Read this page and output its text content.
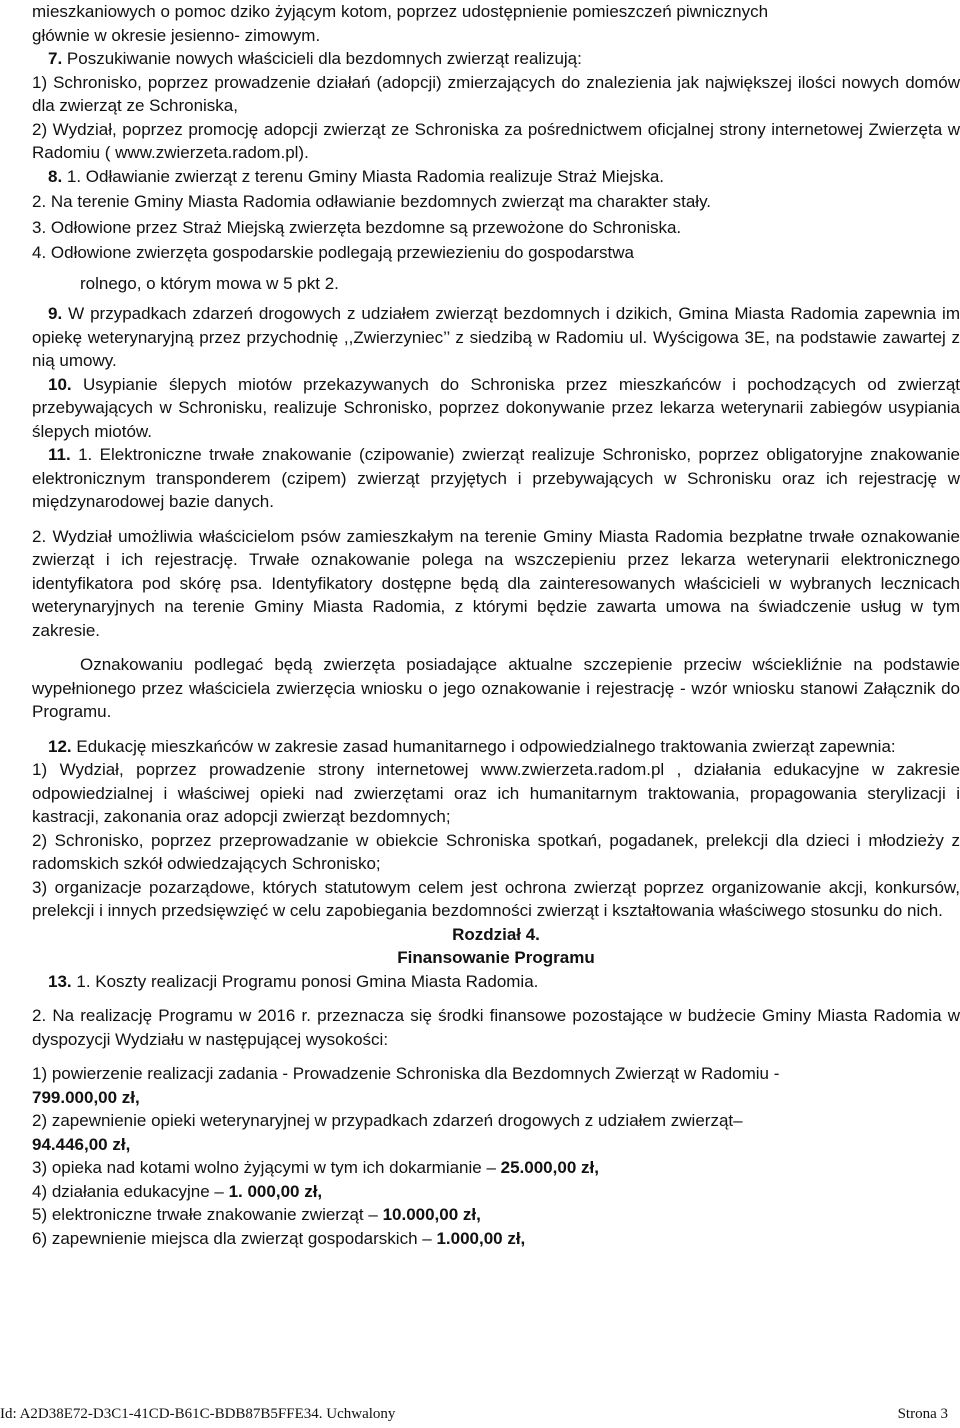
mieszkaniowych o pomoc dziko żyjącym kotom, poprzez udostępnienie pomieszczeń piwnicznych
głównie w okresie jesienno- zimowym.

7. Poszukiwanie nowych właścicieli dla bezdomnych zwierząt realizują:

1) Schronisko, poprzez prowadzenie działań (adopcji) zmierzających do znalezienia jak największej ilości nowych domów dla zwierząt ze Schroniska,

2) Wydział, poprzez promocję adopcji zwierząt ze Schroniska za pośrednictwem oficjalnej strony internetowej Zwierzęta w Radomiu ( www.zwierzeta.radom.pl).

8. 1. Odławianie zwierząt z terenu Gminy Miasta Radomia realizuje Straż Miejska.

2. Na terenie Gminy Miasta Radomia odławianie bezdomnych zwierząt ma charakter stały.

3. Odłowione przez Straż Miejską zwierzęta bezdomne są przewożone do Schroniska.

4. Odłowione zwierzęta gospodarskie podlegają przewiezieniu do gospodarstwa

rolnego, o którym mowa w 5 pkt 2.

9. W przypadkach zdarzeń drogowych z udziałem zwierząt bezdomnych i dzikich, Gmina Miasta Radomia zapewnia im opiekę weterynaryjną przez przychodnię ,,Zwierzyniec’’ z siedzibą w Radomiu ul. Wyścigowa 3E, na podstawie zawartej z nią umowy.

10. Usypianie ślepych miotów przekazywanych do Schroniska przez mieszkańców i pochodzących od zwierząt przebywających w Schronisku, realizuje Schronisko, poprzez dokonywanie przez lekarza weterynarii zabiegów usypiania ślepych miotów.

11. 1. Elektroniczne trwałe znakowanie (czipowanie) zwierząt realizuje Schronisko, poprzez obligatoryjne znakowanie elektronicznym transponderem (czipem) zwierząt przyjętych i przebywających w Schronisku oraz ich rejestrację w międzynarodowej bazie danych.

2. Wydział umożliwia właścicielom psów zamieszkałym na terenie Gminy Miasta Radomia bezpłatne trwałe oznakowanie zwierząt i ich rejestrację. Trwałe oznakowanie polega na wszczepieniu przez lekarza weterynarii elektronicznego identyfikatora pod skórę psa. Identyfikatory dostępne będą dla zainteresowanych właścicieli w wybranych lecznicach weterynaryjnych na terenie Gminy Miasta Radomia, z którymi będzie zawarta umowa na świadczenie usług w tym zakresie.

Oznakowaniu podlegać będą zwierzęta posiadające aktualne szczepienie przeciw wściekliźnie na podstawie wypełnionego przez właściciela zwierzęcia wniosku o jego oznakowanie i rejestrację - wzór wniosku stanowi Załącznik do Programu.

12. Edukację mieszkańców w zakresie zasad humanitarnego i odpowiedzialnego traktowania zwierząt zapewnia:

1) Wydział, poprzez prowadzenie strony internetowej www.zwierzeta.radom.pl , działania edukacyjne w zakresie odpowiedzialnej i właściwej opieki nad zwierzętami oraz ich humanitarnym traktowania, propagowania sterylizacji i kastracji, zakonania oraz adopcji zwierząt bezdomnych;

2) Schronisko, poprzez przeprowadzanie w obiekcie Schroniska spotkań, pogadanek, prelekcji dla dzieci i młodzieży z radomskich szkół odwiedzających Schronisko;

3) organizacje pozarządowe, których statutowym celem jest ochrona zwierząt poprzez organizowanie akcji, konkursów, prelekcji i innych przedsięwzięć w celu zapobiegania bezdomności zwierząt i kształtowania właściwego stosunku do nich.

Rozdział 4.
Finansowanie Programu

13. 1. Koszty realizacji Programu ponosi Gmina Miasta Radomia.

2. Na realizację Programu w 2016 r. przeznacza się środki finansowe pozostające w budżecie Gminy Miasta Radomia w dyspozycji Wydziału w następującej wysokości:

1) powierzenie realizacji zadania - Prowadzenie Schroniska dla Bezdomnych Zwierząt w Radomiu -
799.000,00 zł,

2) zapewnienie opieki weterynaryjnej w przypadkach zdarzeń drogowych z udziałem zwierząt–
94.446,00 zł,

3) opieka nad kotami wolno żyjącymi w tym ich dokarmianie – 25.000,00 zł,

4) działania edukacyjne – 1. 000,00 zł,

5) elektroniczne trwałe znakowanie zwierząt – 10.000,00 zł,

6) zapewnienie miejsca dla zwierząt gospodarskich – 1.000,00 zł,

Id: A2D38E72-D3C1-41CD-B61C-BDB87B5FFE34. Uchwalony	Strona 3
